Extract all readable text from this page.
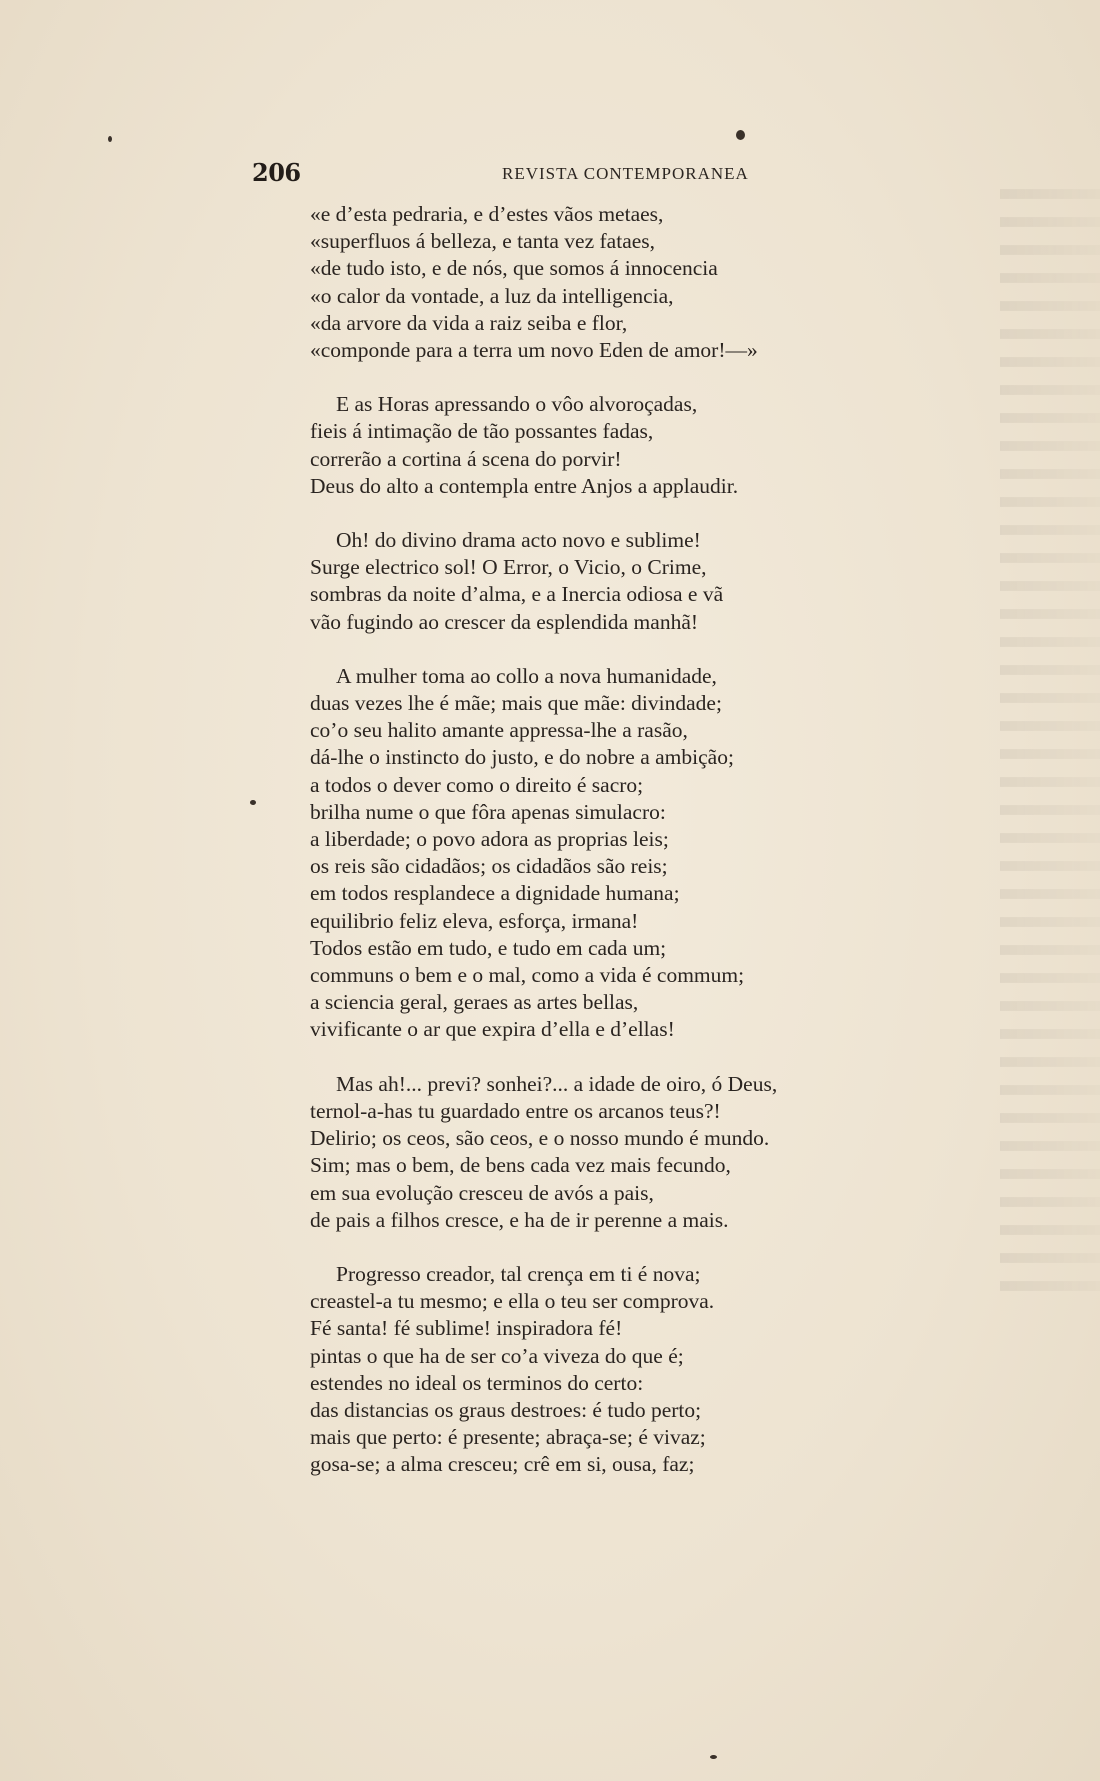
206	REVISTA CONTEMPORANEA
«e d’esta pedraria, e d’estes vãos metaes,
«superfluos á belleza, e tanta vez fataes,
«de tudo isto, e de nós, que somos á innocencia
«o calor da vontade, a luz da intelligencia,
«da arvore da vida a raiz seiba e flor,
«componde para a terra um novo Eden de amor!—»
E as Horas apressando o vôo alvoroçadas,
fieis á intimação de tão possantes fadas,
correrão a cortina á scena do porvir!
Deus do alto a contempla entre Anjos a applaudir.
Oh! do divino drama acto novo e sublime!
Surge electrico sol! O Error, o Vicio, o Crime,
sombras da noite d’alma, e a Inercia odiosa e vã
vão fugindo ao crescer da esplendida manhã!
A mulher toma ao collo a nova humanidade,
duas vezes lhe é mãe; mais que mãe: divindade;
co’o seu halito amante appressa-lhe a rasão,
dá-lhe o instincto do justo, e do nobre a ambição;
a todos o dever como o direito é sacro;
brilha nume o que fôra apenas simulacro:
a liberdade; o povo adora as proprias leis;
os reis são cidadãos; os cidadãos são reis;
em todos resplandece a dignidade humana;
equilibrio feliz eleva, esforça, irmana!
Todos estão em tudo, e tudo em cada um;
communs o bem e o mal, como a vida é commum;
a sciencia geral, geraes as artes bellas,
vivificante o ar que expira d’ella e d’ellas!
Mas ah!... previ? sonhei?... a idade de oiro, ó Deus,
ternol-a-has tu guardado entre os arcanos teus?!
Delirio; os ceos, são ceos, e o nosso mundo é mundo.
Sim; mas o bem, de bens cada vez mais fecundo,
em sua evolução cresceu de avós a pais,
de pais a filhos cresce, e ha de ir perenne a mais.
Progresso creador, tal crença em ti é nova;
creastel-a tu mesmo; e ella o teu ser comprova.
Fé santa! fé sublime! inspiradora fé!
pintas o que ha de ser co’a viveza do que é;
estendes no ideal os terminos do certo:
das distancias os graus destroes: é tudo perto;
mais que perto: é presente; abraça-se; é vivaz;
gosa-se; a alma cresceu; crê em si, ousa, faz;
